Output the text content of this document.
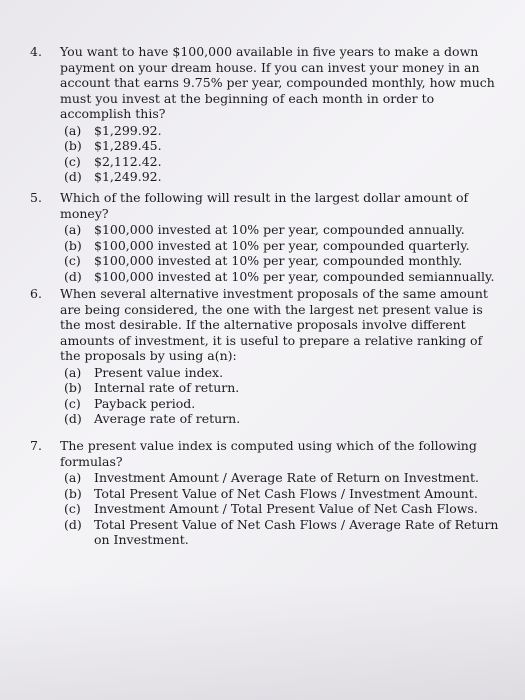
4. You want to have $100,000 available in five years to make a down payment on your dream house. If you can invest your money in an account that earns 9.75% per year, compounded monthly, how much must you invest at the beginning of each month in order to accomplish this?
(a)	$1,299.92.
(b) $1,289.45.
(c)	$2,112.42.
(d) $1,249.92.
5. Which of the following will result in the largest dollar amount of money?
(a)	$100,000 invested at 10% per year, compounded annually.
(b) $100,000 invested at 10% per year, compounded quarterly.
(c)	$100,000 invested at 10% per year, compounded monthly.
(d) $100,000 invested at 10% per year, compounded semiannually.
6. When several alternative investment proposals of the same amount are being considered, the one with the largest net present value is the most desirable. If the alternative proposals involve different amounts of investment, it is useful to prepare a relative ranking of the proposals by using a(n):
(a)	Present value index.
(b) Internal rate of return.
(c)	Payback period.
(d) Average rate of return.
7. The present value index is computed using which of the following formulas?
(a)	Investment Amount / Average Rate of Return on Investment.
(b) Total Present Value of Net Cash Flows / Investment Amount.
(c)	Investment Amount / Total Present Value of Net Cash Flows.
(d) Total Present Value of Net Cash Flows / Average Rate of Return on Investment.
